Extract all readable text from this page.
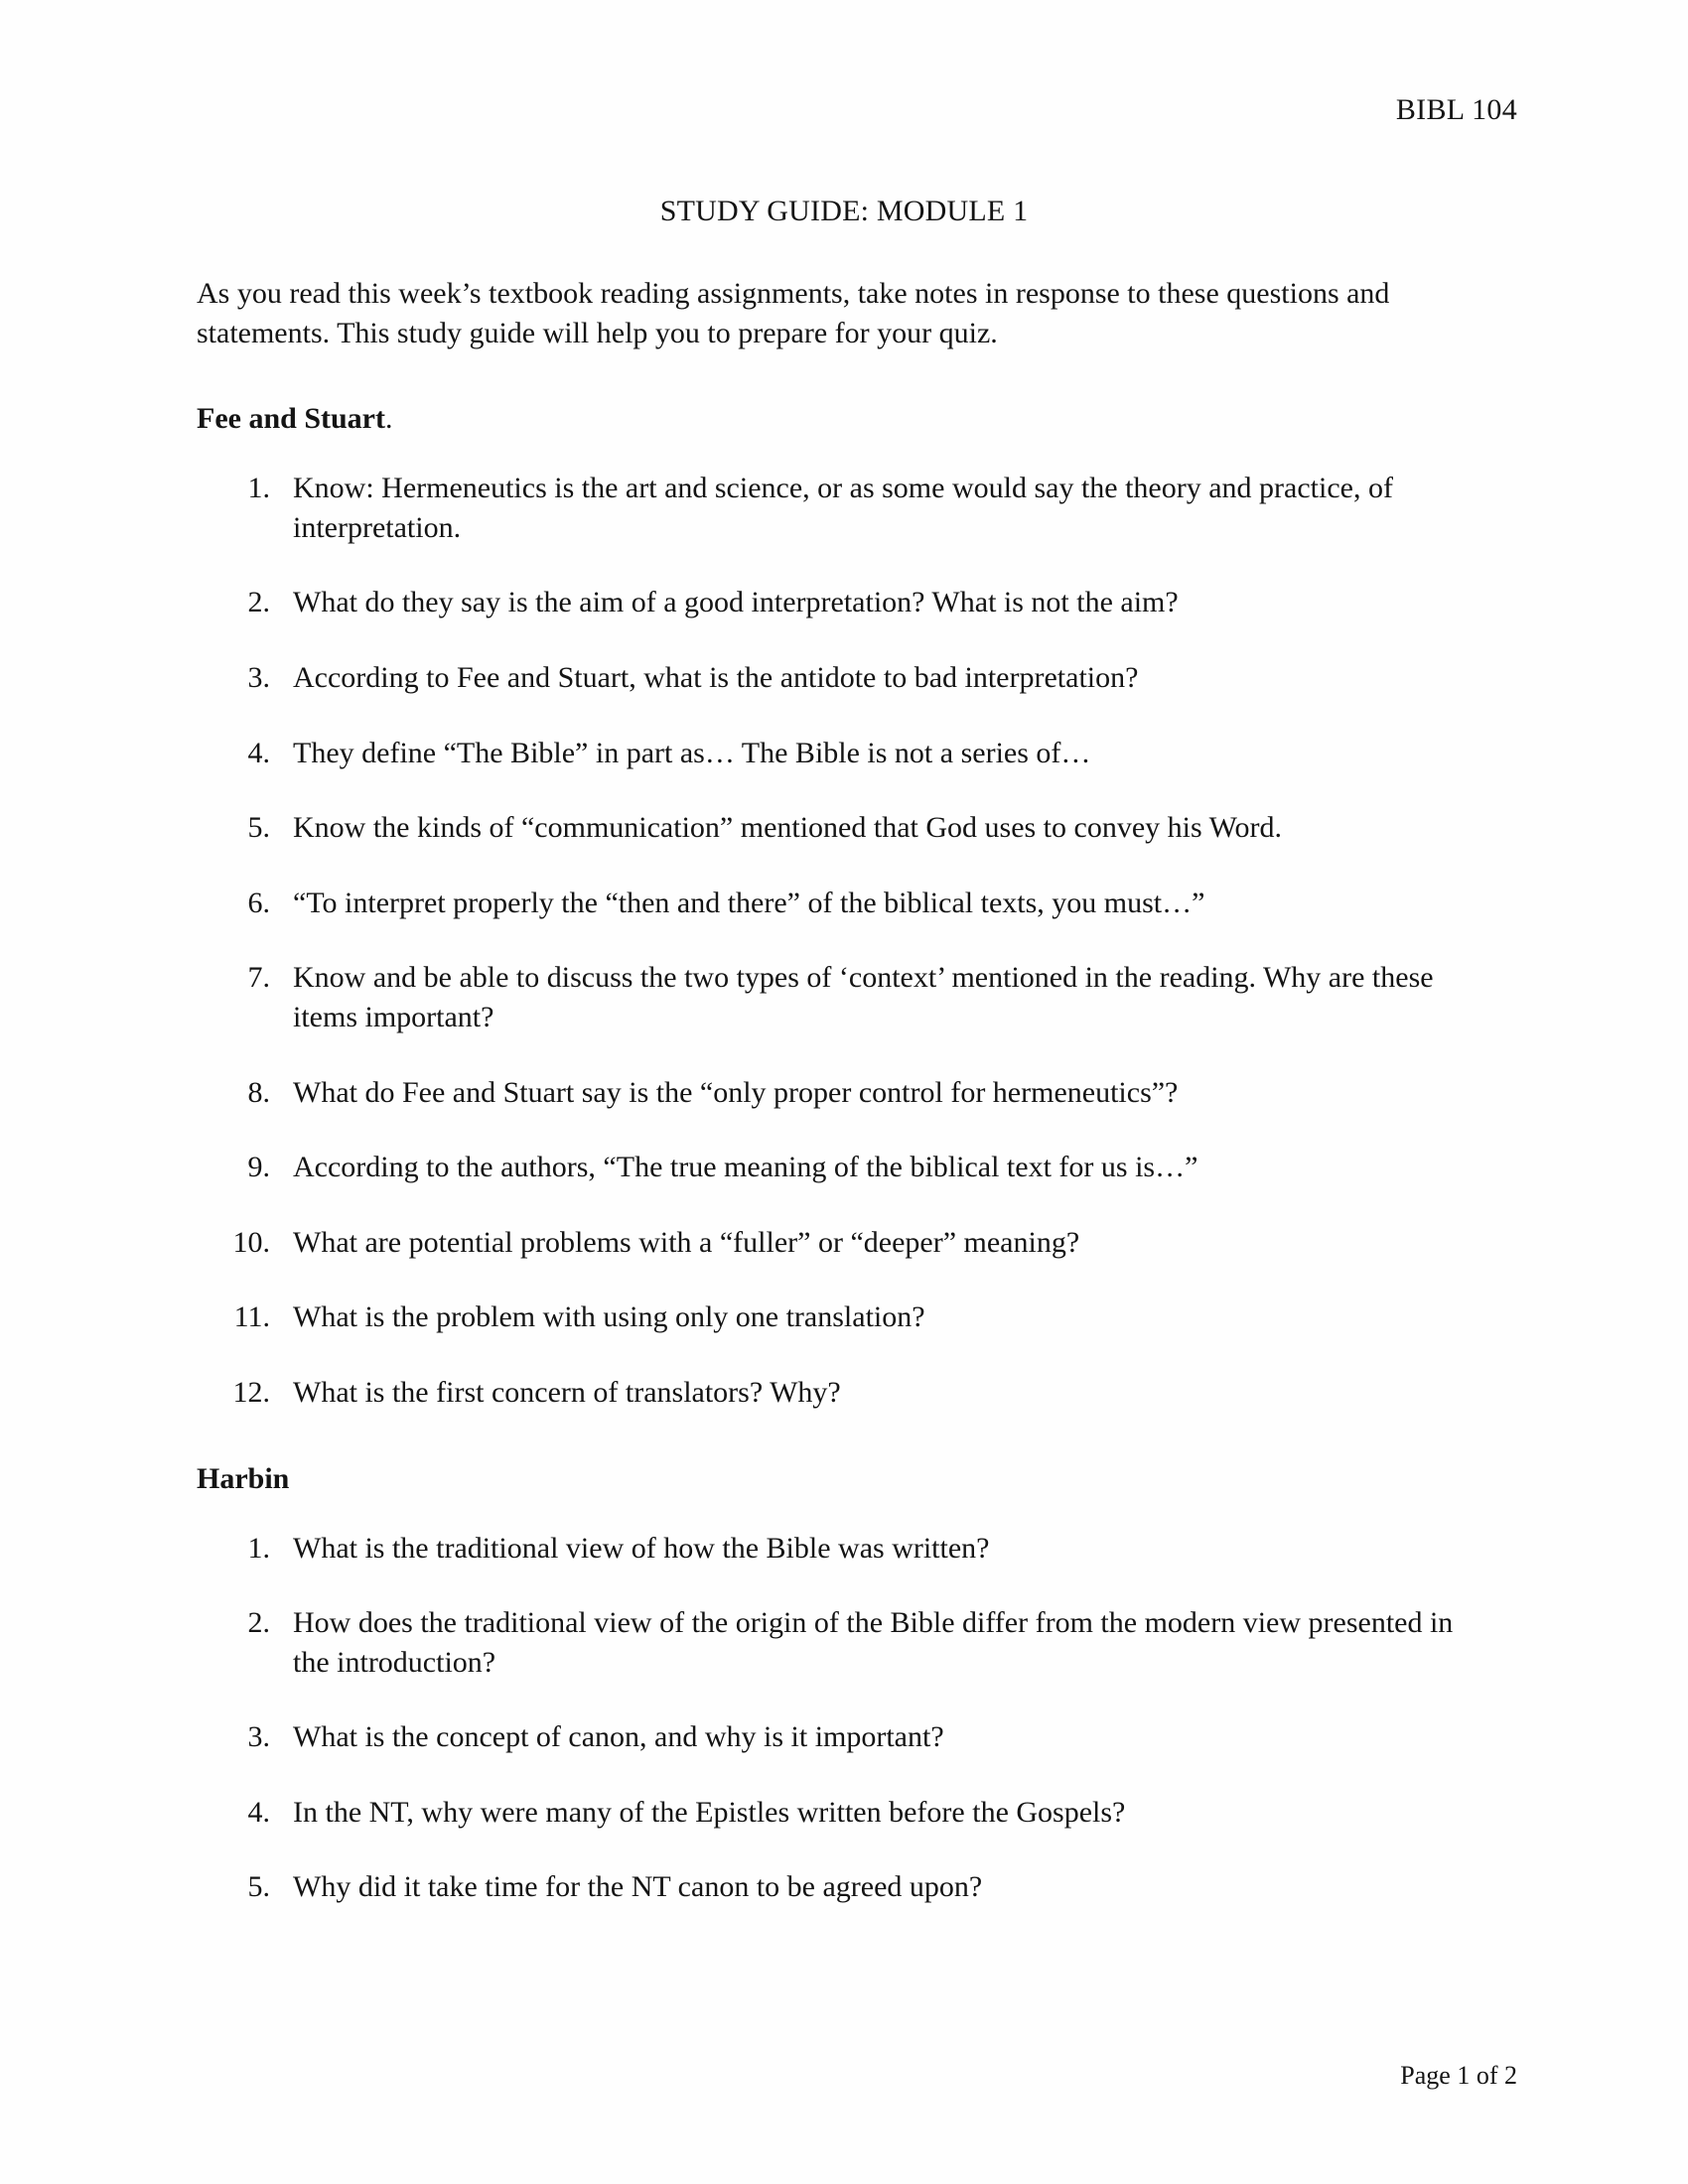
BIBL 104
STUDY GUIDE: MODULE 1

As you read this week’s textbook reading assignments, take notes in response to these questions and statements. This study guide will help you to prepare for your quiz.

Fee and Stuart.
1. Know: Hermeneutics is the art and science, or as some would say the theory and practice, of interpretation.
2. What do they say is the aim of a good interpretation? What is not the aim?
3. According to Fee and Stuart, what is the antidote to bad interpretation?
4. They define “The Bible” in part as… The Bible is not a series of…
5. Know the kinds of “communication” mentioned that God uses to convey his Word.
6. “To interpret properly the “then and there” of the biblical texts, you must…”
7. Know and be able to discuss the two types of ‘context’ mentioned in the reading. Why are these items important?
8. What do Fee and Stuart say is the “only proper control for hermeneutics”?
9. According to the authors, “The true meaning of the biblical text for us is…”
10. What are potential problems with a “fuller” or “deeper” meaning?
11. What is the problem with using only one translation?
12. What is the first concern of translators? Why?
Harbin
1. What is the traditional view of how the Bible was written?
2. How does the traditional view of the origin of the Bible differ from the modern view presented in the introduction?
3. What is the concept of canon, and why is it important?
4. In the NT, why were many of the Epistles written before the Gospels?
5. Why did it take time for the NT canon to be agreed upon?
Page 1 of 2
